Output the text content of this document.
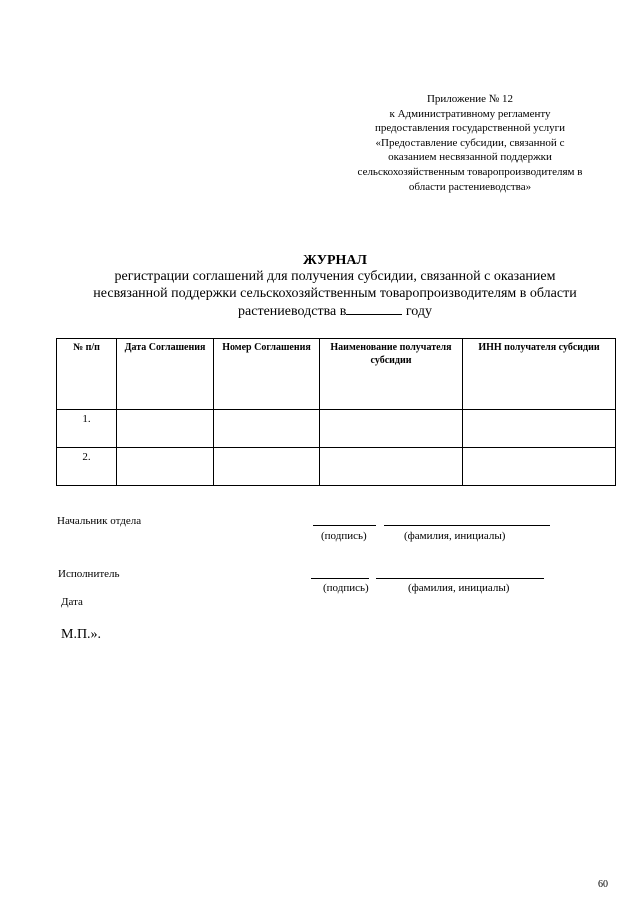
Приложение № 12
к Административному регламенту
предоставления государственной услуги
«Предоставление субсидии, связанной с
оказанием несвязанной поддержки
сельскохозяйственным товаропроизводителям в
области растениеводства»
ЖУРНАЛ
регистрации соглашений для получения субсидии, связанной с оказанием
несвязанной поддержки сельскохозяйственным товаропроизводителям в области
растениеводства в	году
№ п/п	Дата Соглашения	Номер Соглашения	Наименование получателя субсидии	ИНН получателя субсидии
1.				
2.				
Начальник отдела
(подпись)	(фамилия, инициалы)
Исполнитель
(подпись)	(фамилия, инициалы)
Дата
М.П.».
60
